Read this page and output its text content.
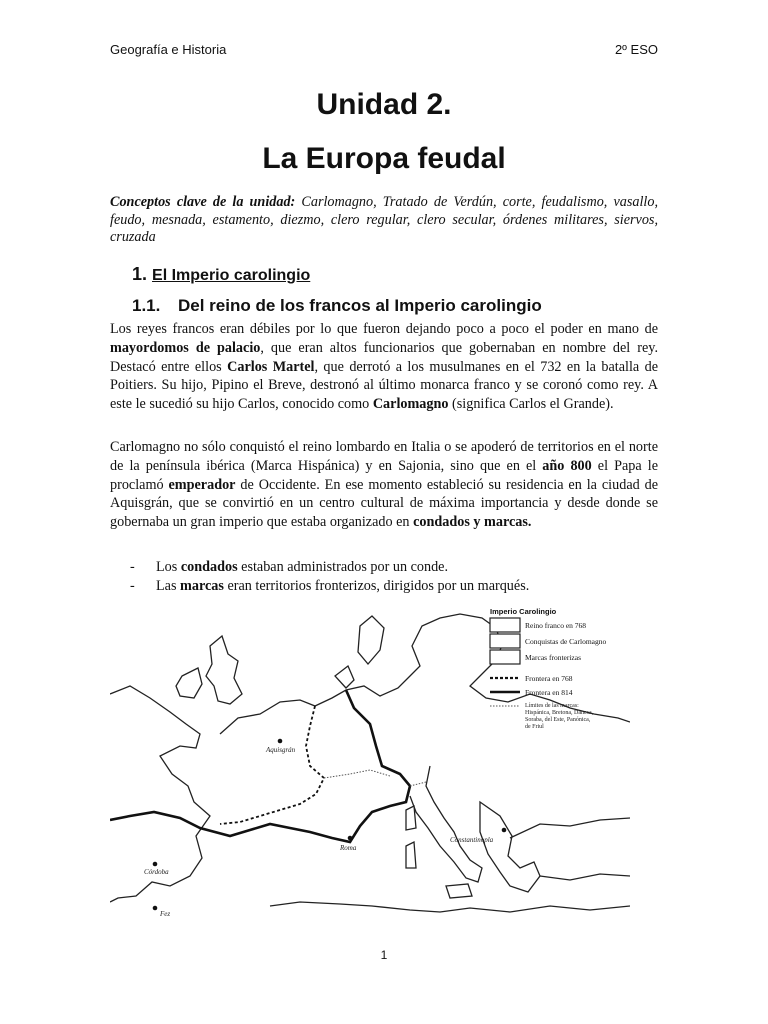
Geografía e Historia	2º ESO
Unidad 2.
La Europa feudal
Conceptos clave de la unidad: Carlomagno, Tratado de Verdún, corte, feudalismo, vasallo, feudo, mesnada, estamento, diezmo, clero regular, clero secular, órdenes militares, siervos, cruzada
1. El Imperio carolingio
1.1. Del reino de los francos al Imperio carolingio
Los reyes francos eran débiles por lo que fueron dejando poco a poco el poder en mano de mayordomos de palacio, que eran altos funcionarios que gobernaban en nombre del rey. Destacó entre ellos Carlos Martel, que derrotó a los musulmanes en el 732 en la batalla de Poitiers. Su hijo, Pipino el Breve, destronó al último monarca franco y se coronó como rey. A este le sucedió su hijo Carlos, conocido como Carlomagno (significa Carlos el Grande).
Carlomagno no sólo conquistó el reino lombardo en Italia o se apoderó de territorios en el norte de la península ibérica (Marca Hispánica) y en Sajonia, sino que en el año 800 el Papa le proclamó emperador de Occidente. En ese momento estableció su residencia en la ciudad de Aquisgrán, que se convirtió en un centro cultural de máxima importancia y desde donde se gobernaba un gran imperio que estaba organizado en condados y marcas.
- Los condados estaban administrados por un conde.
- Las marcas eran territorios fronterizos, dirigidos por un marqués.
Aquisgrán
Córdoba
Roma
Constantinopla
Fez
Imperio Carolingio
Reino franco en 768
Conquistas de Carlomagno
Marcas fronterizas
Frontera en 768
Frontera en 814
Límites de las marcas:
Hispánica, Bretona, Danesa,
Soraba, del Este, Panónica,
de Friul
1
